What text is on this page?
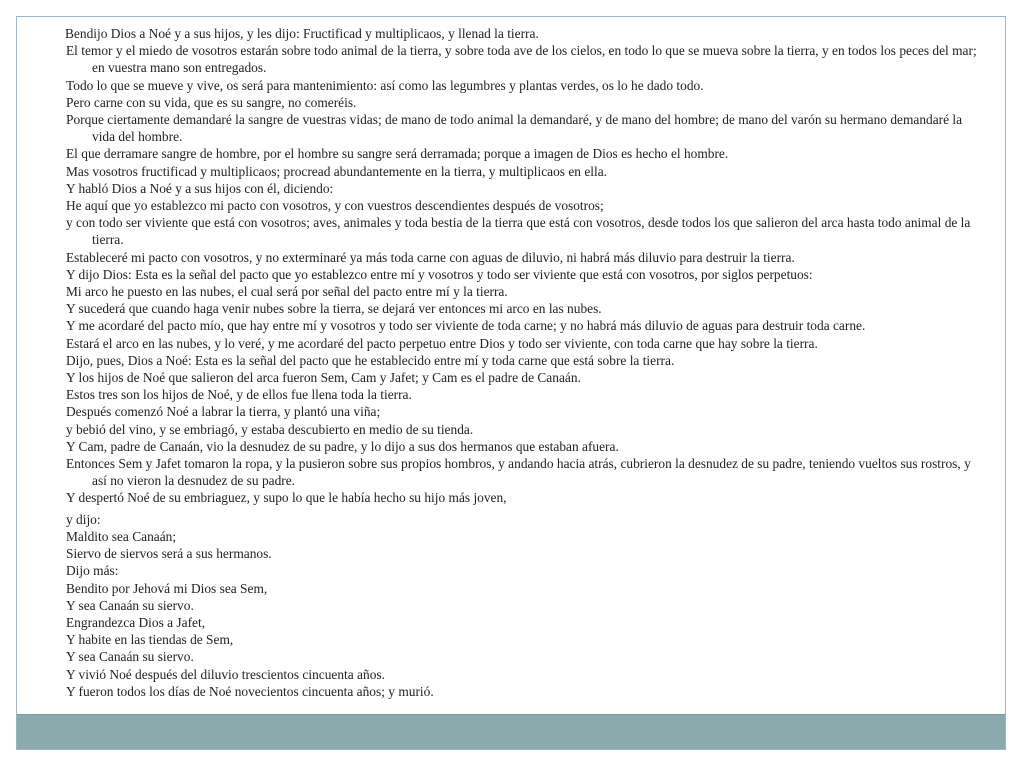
Bendijo Dios a Noé y a sus hijos, y les dijo: Fructificad y multiplicaos, y llenad la tierra.

El temor y el miedo de vosotros estarán sobre todo animal de la tierra, y sobre toda ave de los cielos, en todo lo que se mueva sobre la tierra, y en todos los peces del mar; en vuestra mano son entregados.

Todo lo que se mueve y vive, os será para mantenimiento: así como las legumbres y plantas verdes, os lo he dado todo.

Pero carne con su vida, que es su sangre, no comeréis.

Porque ciertamente demandaré la sangre de vuestras vidas; de mano de todo animal la demandaré, y de mano del hombre; de mano del varón su hermano demandaré la vida del hombre.

El que derramare sangre de hombre, por el hombre su sangre será derramada; porque a imagen de Dios es hecho el hombre.

Mas vosotros fructificad y multiplicaos; procread abundantemente en la tierra, y multiplicaos en ella.

Y habló Dios a Noé y a sus hijos con él, diciendo:

He aquí que yo establezco mi pacto con vosotros, y con vuestros descendientes después de vosotros;

y con todo ser viviente que está con vosotros; aves, animales y toda bestia de la tierra que está con vosotros, desde todos los que salieron del arca hasta todo animal de la tierra.

Estableceré mi pacto con vosotros, y no exterminaré ya más toda carne con aguas de diluvio, ni habrá más diluvio para destruir la tierra.

Y dijo Dios: Esta es la señal del pacto que yo establezco entre mí y vosotros y todo ser viviente que está con vosotros, por siglos perpetuos:

Mi arco he puesto en las nubes, el cual será por señal del pacto entre mí y la tierra.

Y sucederá que cuando haga venir nubes sobre la tierra, se dejará ver entonces mi arco en las nubes.

Y me acordaré del pacto mío, que hay entre mí y vosotros y todo ser viviente de toda carne; y no habrá más diluvio de aguas para destruir toda carne.

Estará el arco en las nubes, y lo veré, y me acordaré del pacto perpetuo entre Dios y todo ser viviente, con toda carne que hay sobre la tierra.

Dijo, pues, Dios a Noé: Esta es la señal del pacto que he establecido entre mí y toda carne que está sobre la tierra.

Y los hijos de Noé que salieron del arca fueron Sem, Cam y Jafet; y Cam es el padre de Canaán.

Estos tres son los hijos de Noé, y de ellos fue llena toda la tierra.

Después comenzó Noé a labrar la tierra, y plantó una viña;

y bebió del vino, y se embriagó, y estaba descubierto en medio de su tienda.

Y Cam, padre de Canaán, vio la desnudez de su padre, y lo dijo a sus dos hermanos que estaban afuera.

Entonces Sem y Jafet tomaron la ropa, y la pusieron sobre sus propios hombros, y andando hacia atrás, cubrieron la desnudez de su padre, teniendo vueltos sus rostros, y así no vieron la desnudez de su padre.

Y despertó Noé de su embriaguez, y supo lo que le había hecho su hijo más joven,

y dijo:

Maldito sea Canaán;

Siervo de siervos será a sus hermanos.

Dijo más:

Bendito por Jehová mi Dios sea Sem,

Y sea Canaán su siervo.

Engrandezca Dios a Jafet,

Y habite en las tiendas de Sem,

Y sea Canaán su siervo.

Y vivió Noé después del diluvio trescientos cincuenta años.

Y fueron todos los días de Noé novecientos cincuenta años; y murió.
